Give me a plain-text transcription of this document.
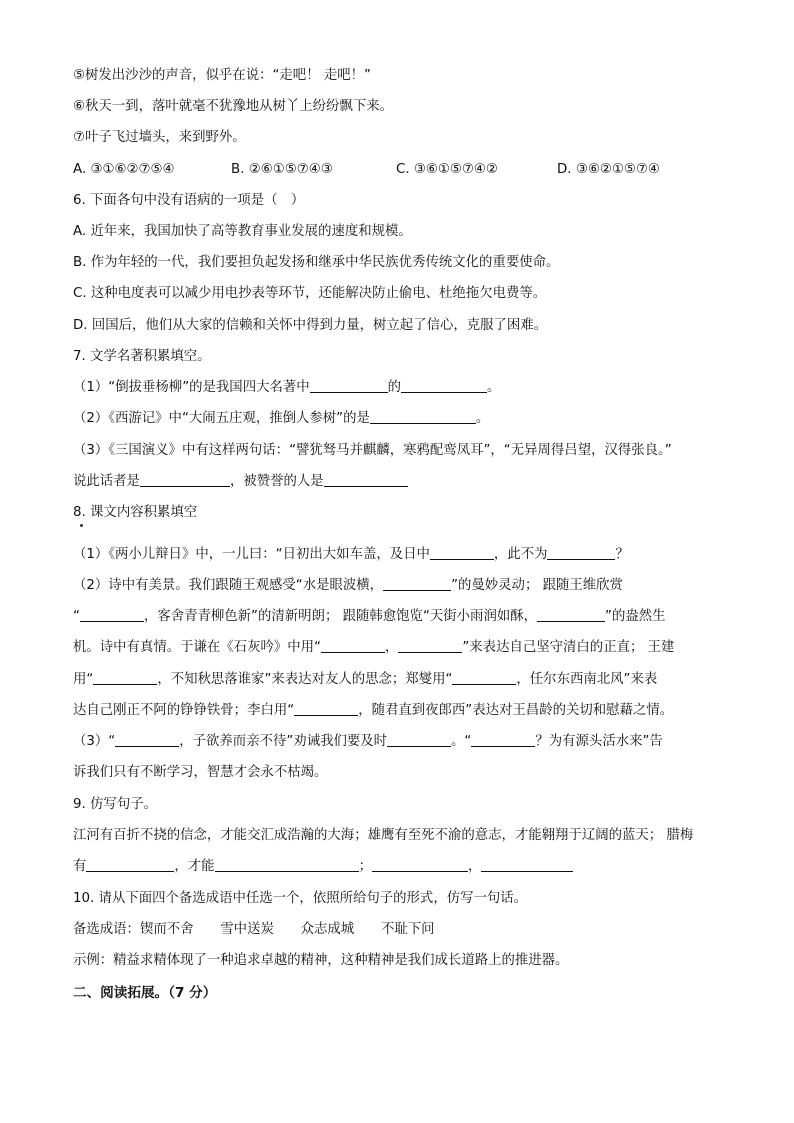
⑤树发出沙沙的声音，似乎在说：“走吧！ 走吧！”
⑥秋天一到，落叶就毫不犹豫地从树丫上纷纷飘下来。
⑦叶子飞过墙头，来到野外。
A. ③①⑥②⑦⑤④	B. ②⑥①⑤⑦④③	C. ③⑥①⑤⑦④②	D. ③⑥②①⑤⑦④
6. 下面各句中没有语病的一项是（　）
A. 近年来，我国加快了高等教育事业发展的速度和规模。
B. 作为年轻的一代，我们要担负起发扬和继承中华民族优秀传统文化的重要使命。
C. 这种电度表可以减少用电抄表等环节，还能解决防止偷电、杜绝拖欠电费等。
D. 回国后，他们从大家的信赖和关怀中得到力量，树立起了信心，克服了困难。
7. 文学名著积累填空。
（1）“倒拔垂杨柳”的是我国四大名著中	的	。
（2）《西游记》中“大闹五庄观，推倒人参树”的是	。
（3）《三国演义》中有这样两句话：“譬犹驽马并麒麟，寒鸦配鸾凤耳”，“无异周得吕望，汉得张良。”
说此话者是	，被赞誉的人是
8. 课文内容积累填空
（1）《两小儿辩日》中，一儿曰：“日初出大如车盖，及日中	，此不为	？
（2）诗中有美景。我们跟随王观感受“水是眼波横，	”的曼妙灵动； 跟随王维欣赏
“	，客舍青青柳色新”的清新明朗； 跟随韩愈饱览“天街小雨润如酥，	”的盎然生
机。诗中有真情。于谦在《石灰吟》中用“	，	”来表达自己坚守清白的正直； 王建
用“	，不知秋思落谁家”来表达对友人的思念；郑燮用“	，任尔东西南北风”来表
达自己刚正不阿的铮铮铁骨；李白用“	，随君直到夜郎西”表达对王昌龄的关切和慰藉之情。
（3）“	，子欲养而亲不待”劝诫我们要及时	。“	？为有源头活水来”告
诉我们只有不断学习，智慧才会永不枯竭。
9. 仿写句子。
江河有百折不挠的信念，才能交汇成浩瀚的大海；雄鹰有至死不渝的意志，才能翱翔于辽阔的蓝天； 腊梅
有	，才能	；	，
10. 请从下面四个备选成语中任选一个，依照所给句子的形式，仿写一句话。
备选成语：锲而不舍　　雪中送炭　　众志成城　　不耻下问
示例：精益求精体现了一种追求卓越的精神，这种精神是我们成长道路上的推进器。
二、阅读拓展。（7 分）
